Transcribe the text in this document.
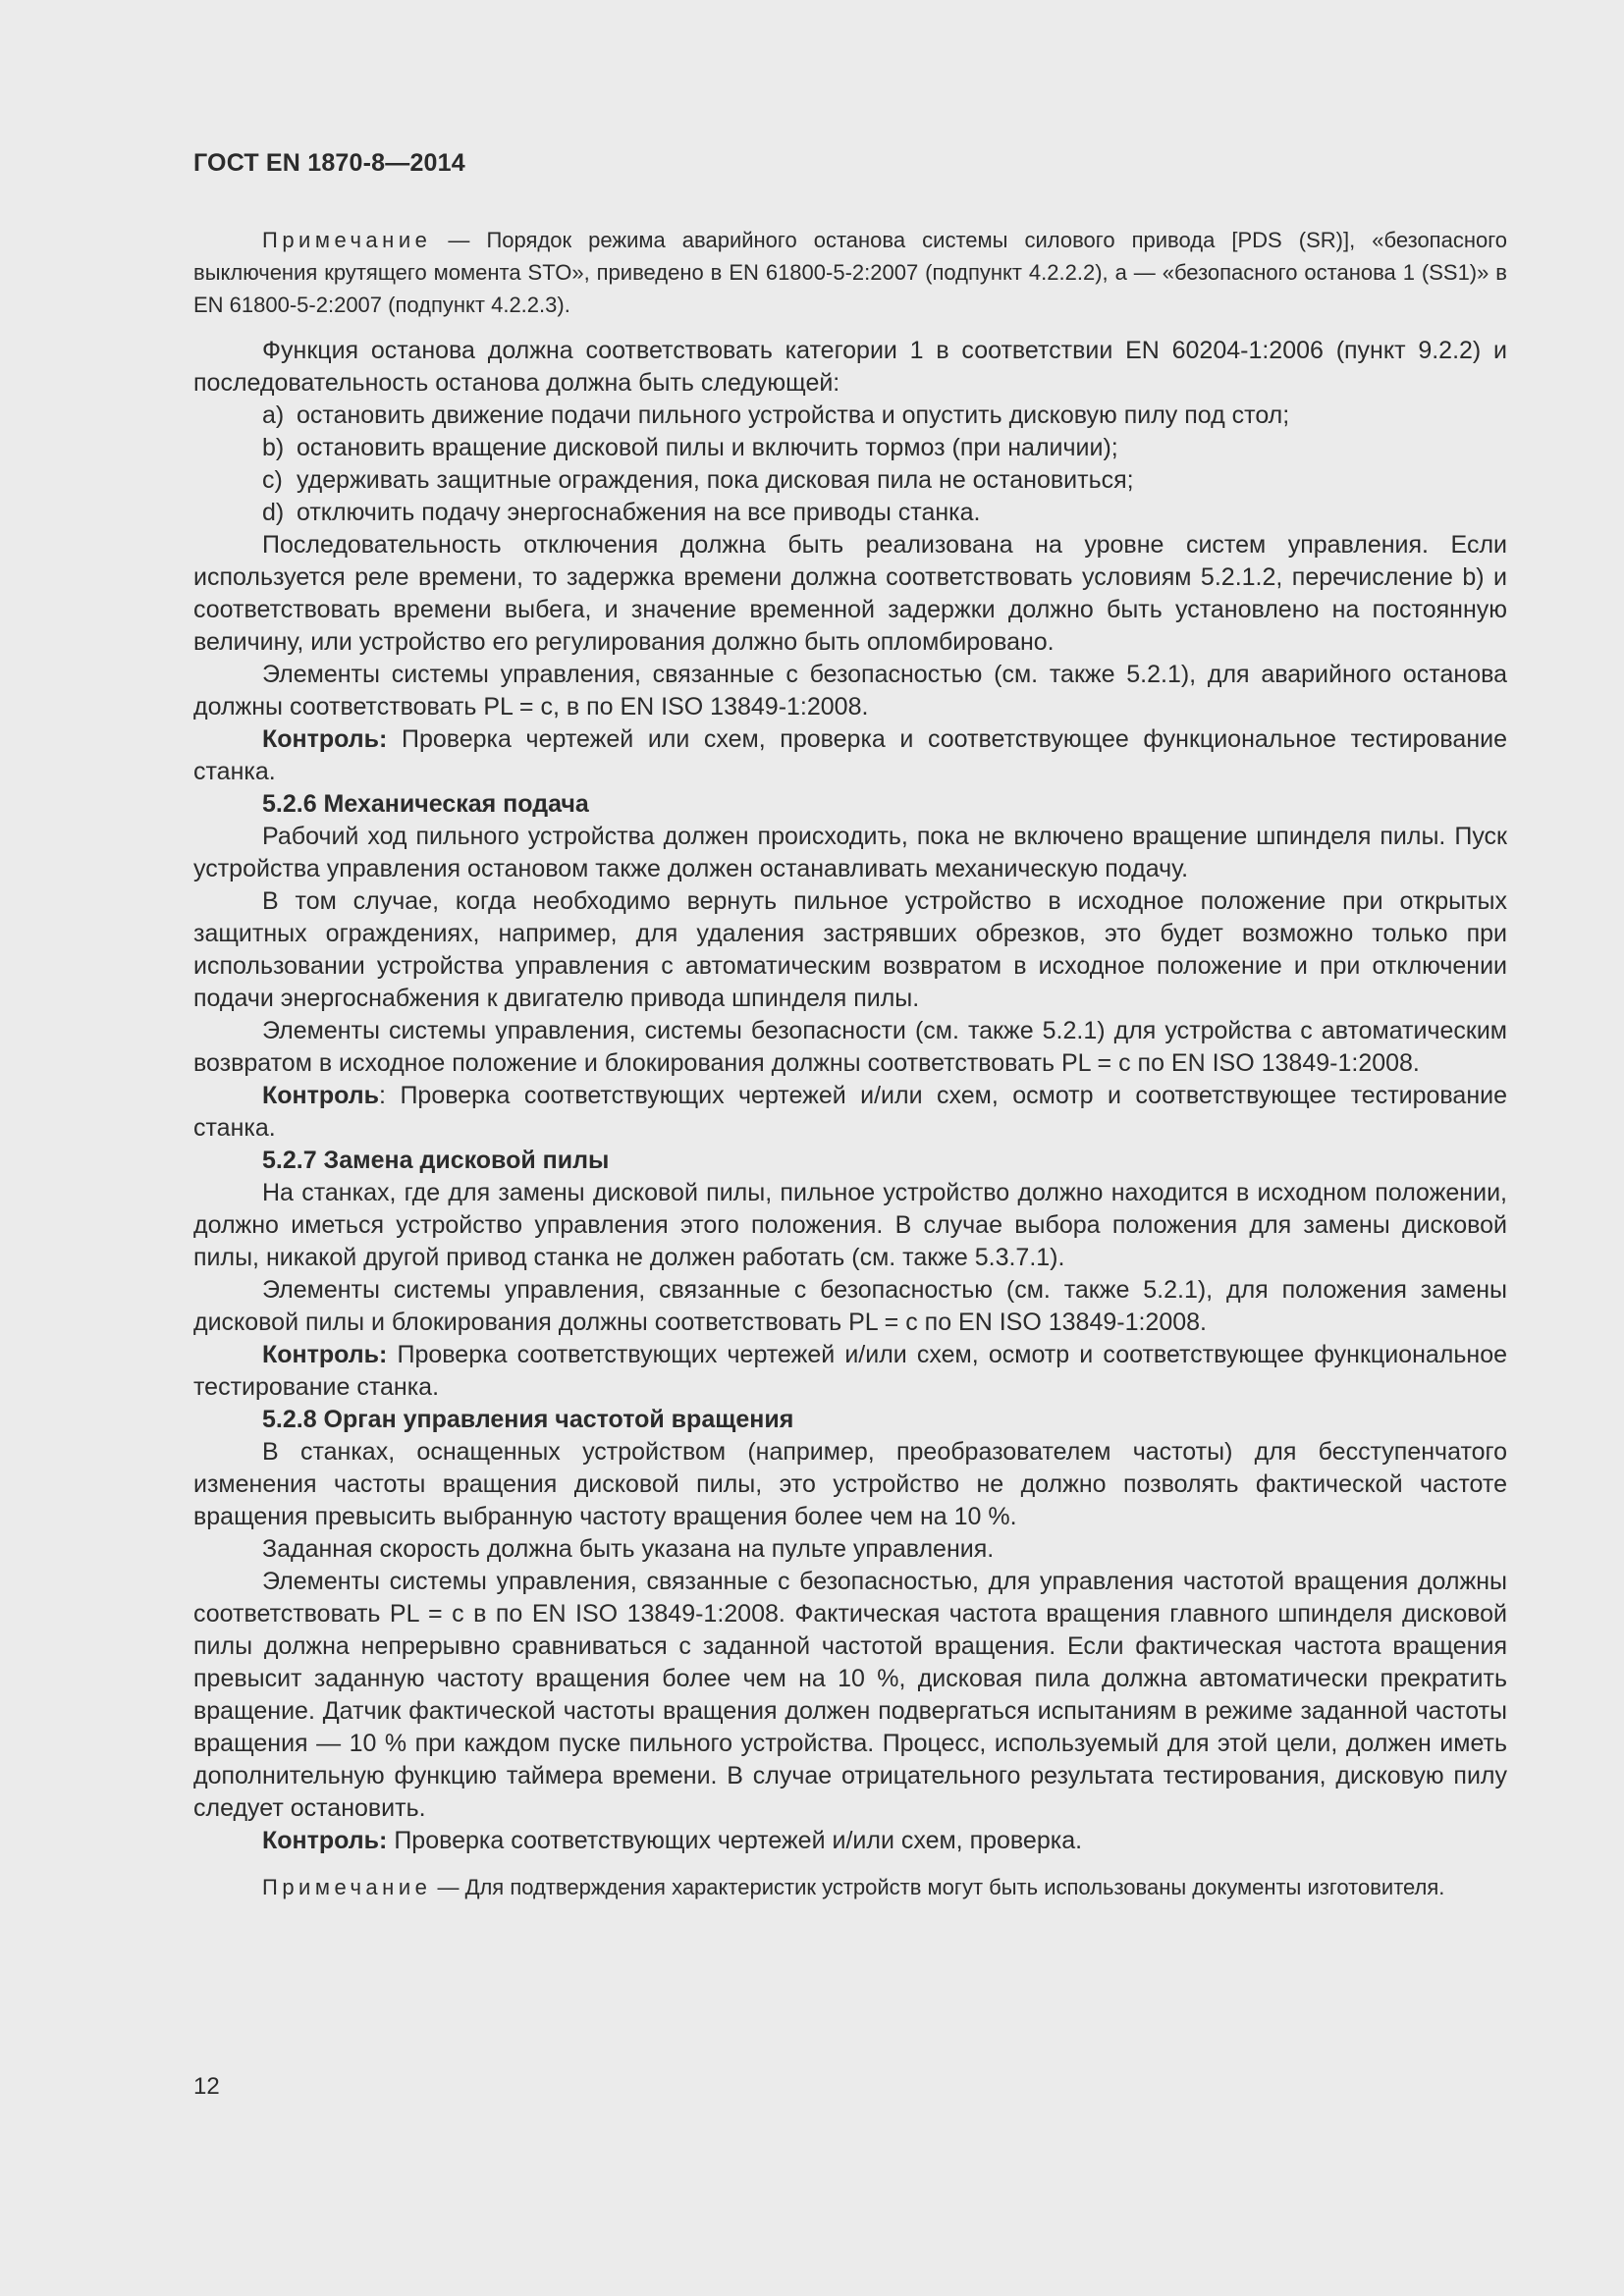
ГОСТ EN 1870-8—2014

Примечание — Порядок режима аварийного останова системы силового привода [PDS (SR)], «безопасного выключения крутящего момента STO», приведено в EN 61800-5-2:2007 (подпункт 4.2.2.2), а — «безопасного останова 1 (SS1)» в EN 61800-5-2:2007 (подпункт 4.2.2.3).

Функция останова должна соответствовать категории 1 в соответствии EN 60204-1:2006 (пункт 9.2.2) и последовательность останова должна быть следующей:

a) остановить движение подачи пильного устройства и опустить дисковую пилу под стол;

b) остановить вращение дисковой пилы и включить тормоз (при наличии);

c) удерживать защитные ограждения, пока дисковая пила не остановиться;

d) отключить подачу энергоснабжения на все приводы станка.

Последовательность отключения должна быть реализована на уровне систем управления. Если используется реле времени, то задержка времени должна соответствовать условиям 5.2.1.2, перечисление b) и соответствовать времени выбега, и значение временной задержки должно быть установлено на постоянную величину, или устройство его регулирования должно быть опломбировано.

Элементы системы управления, связанные с безопасностью (см. также 5.2.1), для аварийного останова должны соответствовать PL = с, в по EN ISO 13849-1:2008.

Контроль: Проверка чертежей или схем, проверка и соответствующее функциональное тестирование станка.

5.2.6 Механическая подача

Рабочий ход пильного устройства должен происходить, пока не включено вращение шпинделя пилы. Пуск устройства управления остановом также должен останавливать механическую подачу.

В том случае, когда необходимо вернуть пильное устройство в исходное положение при открытых защитных ограждениях, например, для удаления застрявших обрезков, это будет возможно только при использовании устройства управления с автоматическим возвратом в исходное положение и при отключении подачи энергоснабжения к двигателю привода шпинделя пилы.

Элементы системы управления, системы безопасности (см. также 5.2.1) для устройства с автоматическим возвратом в исходное положение и блокирования должны соответствовать PL = с по EN ISO 13849-1:2008.

Контроль: Проверка соответствующих чертежей и/или схем, осмотр и соответствующее тестирование станка.

5.2.7 Замена дисковой пилы

На станках, где для замены дисковой пилы, пильное устройство должно находится в исходном положении, должно иметься устройство управления этого положения. В случае выбора положения для замены дисковой пилы, никакой другой привод станка не должен работать (см. также 5.3.7.1).

Элементы системы управления, связанные с безопасностью (см. также 5.2.1), для положения замены дисковой пилы и блокирования должны соответствовать PL = с по EN ISO 13849-1:2008.

Контроль: Проверка соответствующих чертежей и/или схем, осмотр и соответствующее функциональное тестирование станка.

5.2.8 Орган управления частотой вращения

В станках, оснащенных устройством (например, преобразователем частоты) для бесступенчатого изменения частоты вращения дисковой пилы, это устройство не должно позволять фактической частоте вращения превысить выбранную частоту вращения более чем на 10 %.

Заданная скорость должна быть указана на пульте управления.

Элементы системы управления, связанные с безопасностью, для управления частотой вращения должны соответствовать PL = с в по EN ISO 13849-1:2008. Фактическая частота вращения главного шпинделя дисковой пилы должна непрерывно сравниваться с заданной частотой вращения. Если фактическая частота вращения превысит заданную частоту вращения более чем на 10 %, дисковая пила должна автоматически прекратить вращение. Датчик фактической частоты вращения должен подвергаться испытаниям в режиме заданной частоты вращения — 10 % при каждом пуске пильного устройства. Процесс, используемый для этой цели, должен иметь дополнительную функцию таймера времени. В случае отрицательного результата тестирования, дисковую пилу следует остановить.

Контроль: Проверка соответствующих чертежей и/или схем, проверка.

Примечание — Для подтверждения характеристик устройств могут быть использованы документы изготовителя.

12
